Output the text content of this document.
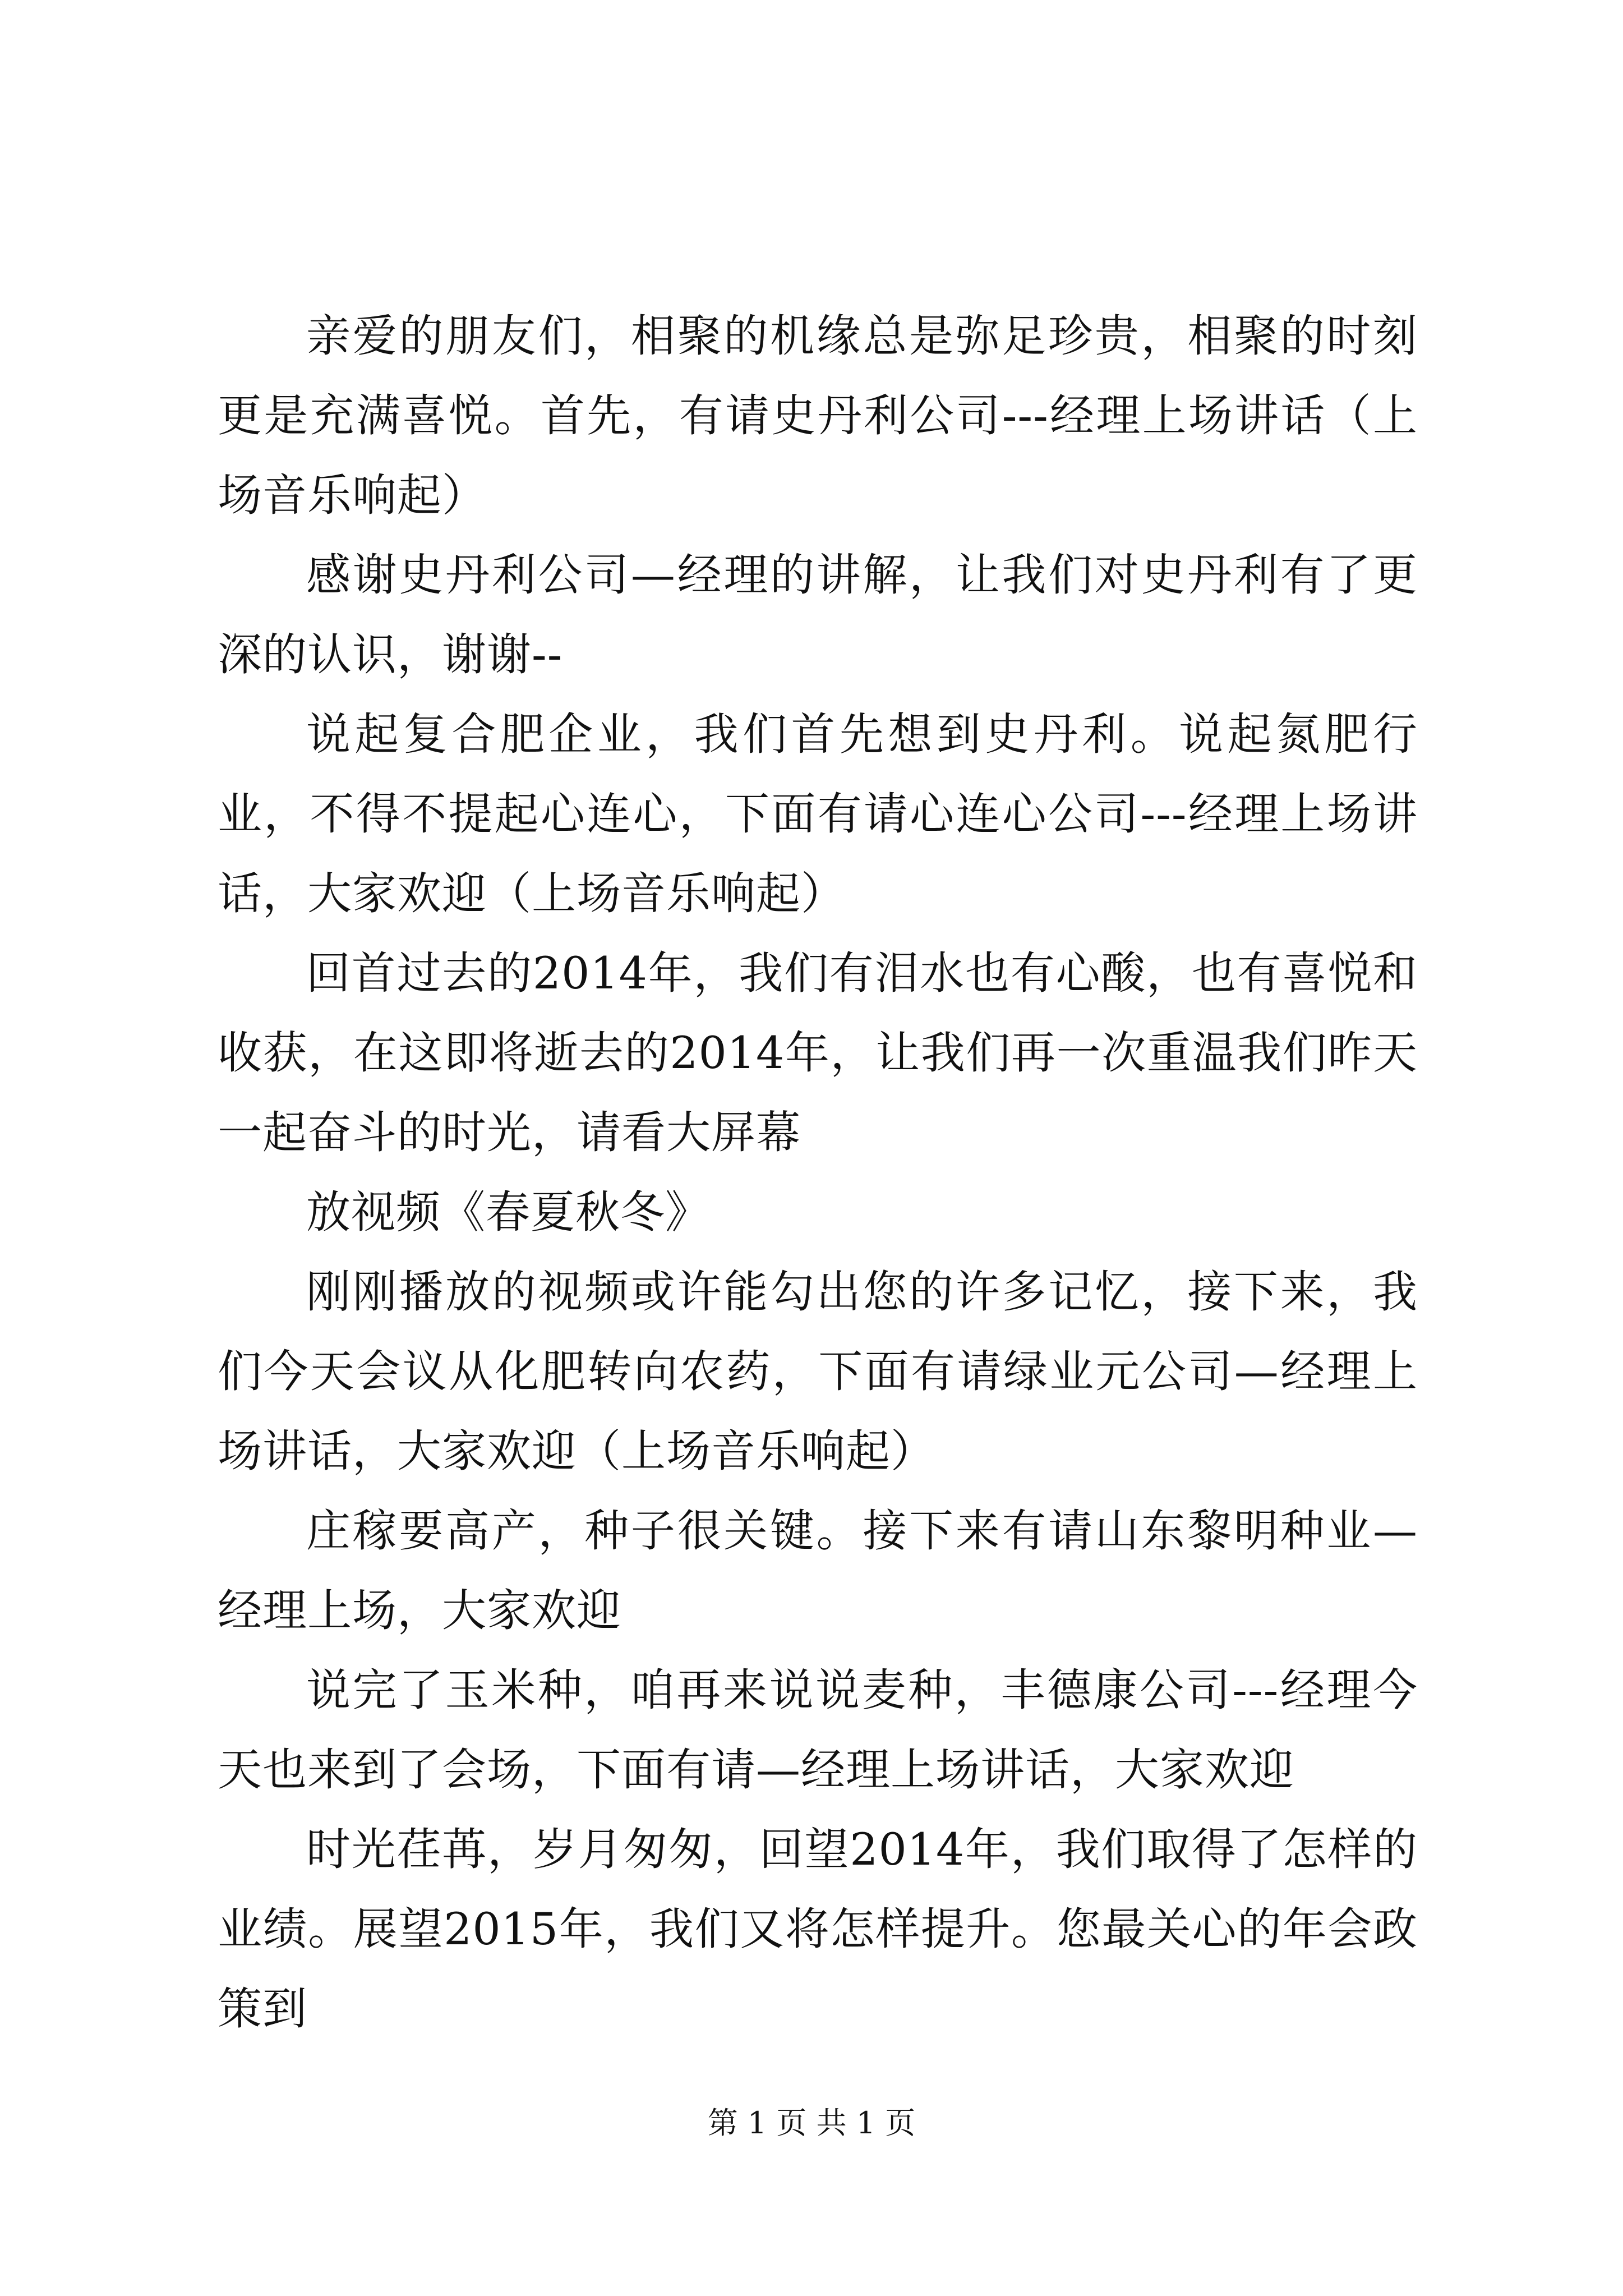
亲爱的朋友们，相聚的机缘总是弥足珍贵，相聚的时刻更是充满喜悦。首先，有请史丹利公司---经理上场讲话（上场音乐响起）

感谢史丹利公司—经理的讲解，让我们对史丹利有了更深的认识，谢谢--

说起复合肥企业，我们首先想到史丹利。说起氮肥行业，不得不提起心连心，下面有请心连心公司---经理上场讲话，大家欢迎（上场音乐响起）

回首过去的2014年，我们有泪水也有心酸，也有喜悦和收获，在这即将逝去的2014年，让我们再一次重温我们昨天一起奋斗的时光，请看大屏幕

放视频《春夏秋冬》

刚刚播放的视频或许能勾出您的许多记忆，接下来，我们今天会议从化肥转向农药，下面有请绿业元公司—经理上场讲话，大家欢迎（上场音乐响起）

庄稼要高产，种子很关键。接下来有请山东黎明种业—经理上场，大家欢迎

说完了玉米种，咱再来说说麦种，丰德康公司---经理今天也来到了会场，下面有请—经理上场讲话，大家欢迎

时光荏苒，岁月匆匆，回望2014年，我们取得了怎样的业绩。展望2015年，我们又将怎样提升。您最关心的年会政策到

第 1 页 共 1 页
